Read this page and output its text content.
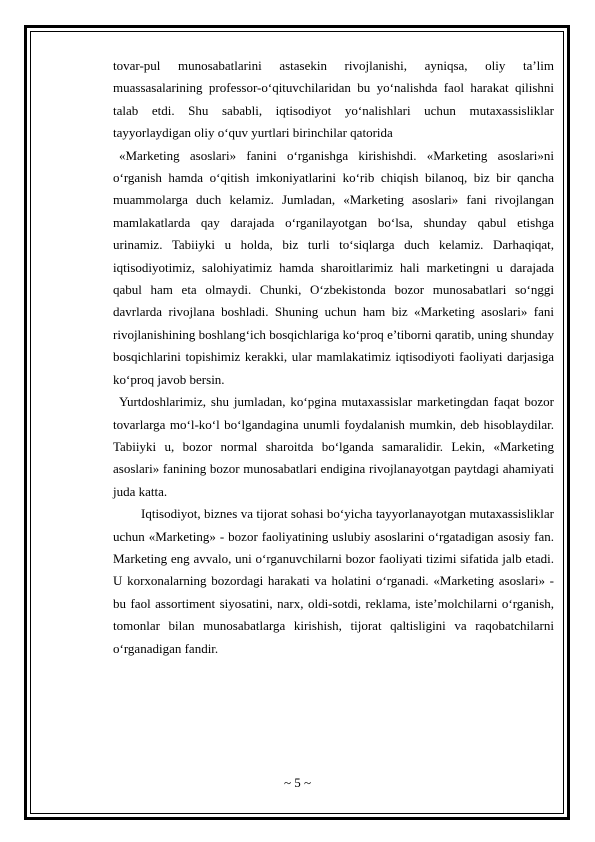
tovar-pul munosabatlarini astasekin rivojlanishi, ayniqsa, oliy ta’lim muassasalarining professor-o‘qituvchilaridan bu yo‘nalishda faol harakat qilishni talab etdi. Shu sababli, iqtisodiyot yo‘nalishlari uchun mutaxassisliklar tayyorlaydigan oliy o‘quv yurtlari birinchilar qatorida

«Marketing asoslari» fanini o‘rganishga kirishishdi. «Marketing asoslari»ni o‘rganish hamda o‘qitish imkoniyatlarini ko‘rib chiqish bilanoq, biz bir qancha muammolarga duch kelamiz. Jumladan, «Marketing asoslari» fani rivojlangan mamlakatlarda qay darajada o‘rganilayotgan bo‘lsa, shunday qabul etishga urinamiz. Tabiiyki u holda, biz turli to‘siqlarga duch kelamiz. Darhaqiqat, iqtisodiyotimiz, salohiyatimiz hamda sharoitlarimiz hali marketingni u darajada qabul ham eta olmaydi. Chunki, O‘zbekistonda bozor munosabatlari so‘nggi davrlarda rivojlana boshladi. Shuning uchun ham biz «Marketing asoslari» fani rivojlanishining boshlang‘ich bosqichlariga ko‘proq e’tiborni qaratib, uning shunday bosqichlarini topishimiz kerakki, ular mamlakatimiz iqtisodiyoti faoliyati darjasiga ko‘proq javob bersin.

Yurtdoshlarimiz, shu jumladan, ko‘pgina mutaxassislar marketingdan faqat bozor tovarlarga mo‘l-ko‘l bo‘lgandagina unumli foydalanish mumkin, deb hisoblaydilar. Tabiiyki u, bozor normal sharoitda bo‘lganda samaralidir. Lekin, «Marketing asoslari» fanining bozor munosabatlari endigina rivojlanayotgan paytdagi ahamiyati juda katta.

Iqtisodiyot, biznes va tijorat sohasi bo‘yicha tayyorlanayotgan mutaxassisliklar uchun «Marketing» - bozor faoliyatining uslubiy asoslarini o‘rgatadigan asosiy fan. Marketing eng avvalo, uni o‘rganuvchilarni bozor faoliyati tizimi sifatida jalb etadi. U korxonalarning bozordagi harakati va holatini o‘rganadi. «Marketing asoslari» - bu faol assortiment siyosatini, narx, oldi-sotdi, reklama, iste’molchilarni o‘rganish, tomonlar bilan munosabatlarga kirishish, tijorat qaltisligini va raqobatchilarni o‘rganadigan fandir.

~ 5 ~
